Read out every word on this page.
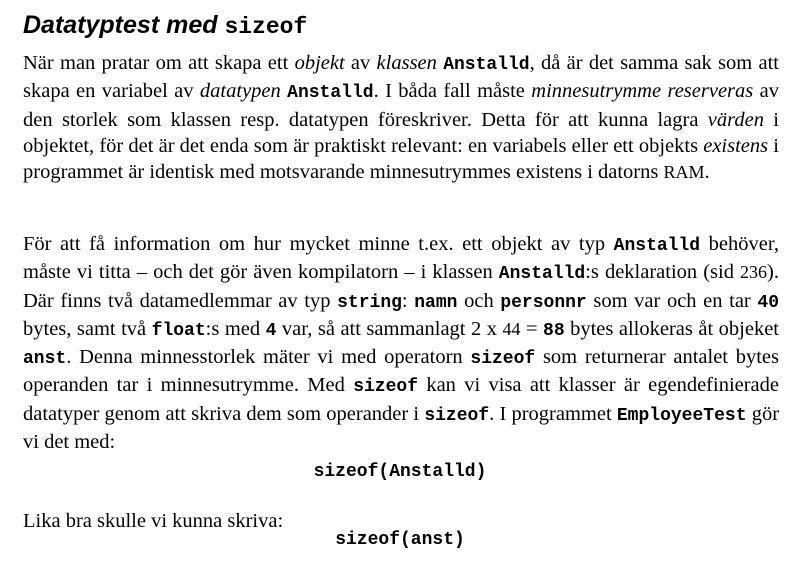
Datatyptest med sizeof

När man pratar om att skapa ett objekt av klassen Anstalld, då är det samma sak som att skapa en variabel av datatypen Anstalld. I båda fall måste minnesutrymme reserveras av den storlek som klassen resp. datatypen föreskriver. Detta för att kunna lagra värden i objektet, för det är det enda som är praktiskt relevant: en variabels eller ett objekts existens i programmet är identisk med motsvarande minnesutrymmes existens i datorns RAM.

För att få information om hur mycket minne t.ex. ett objekt av typ Anstalld behöver, måste vi titta – och det gör även kompilatorn – i klassen Anstalld:s deklaration (sid 236). Där finns två datamedlemmar av typ string: namn och personnr som var och en tar 40 bytes, samt två float:s med 4 var, så att sammanlagt 2 x 44 = 88 bytes allokeras åt objeket anst. Denna minnesstorlek mäter vi med operatorn sizeof som returnerar antalet bytes operanden tar i minnesutrymme. Med sizeof kan vi visa att klasser är egendefinierade datatyper genom att skriva dem som operander i sizeof. I programmet EmployeeTest gör vi det med:

sizeof(Anstalld)

Lika bra skulle vi kunna skriva:

sizeof(anst)
